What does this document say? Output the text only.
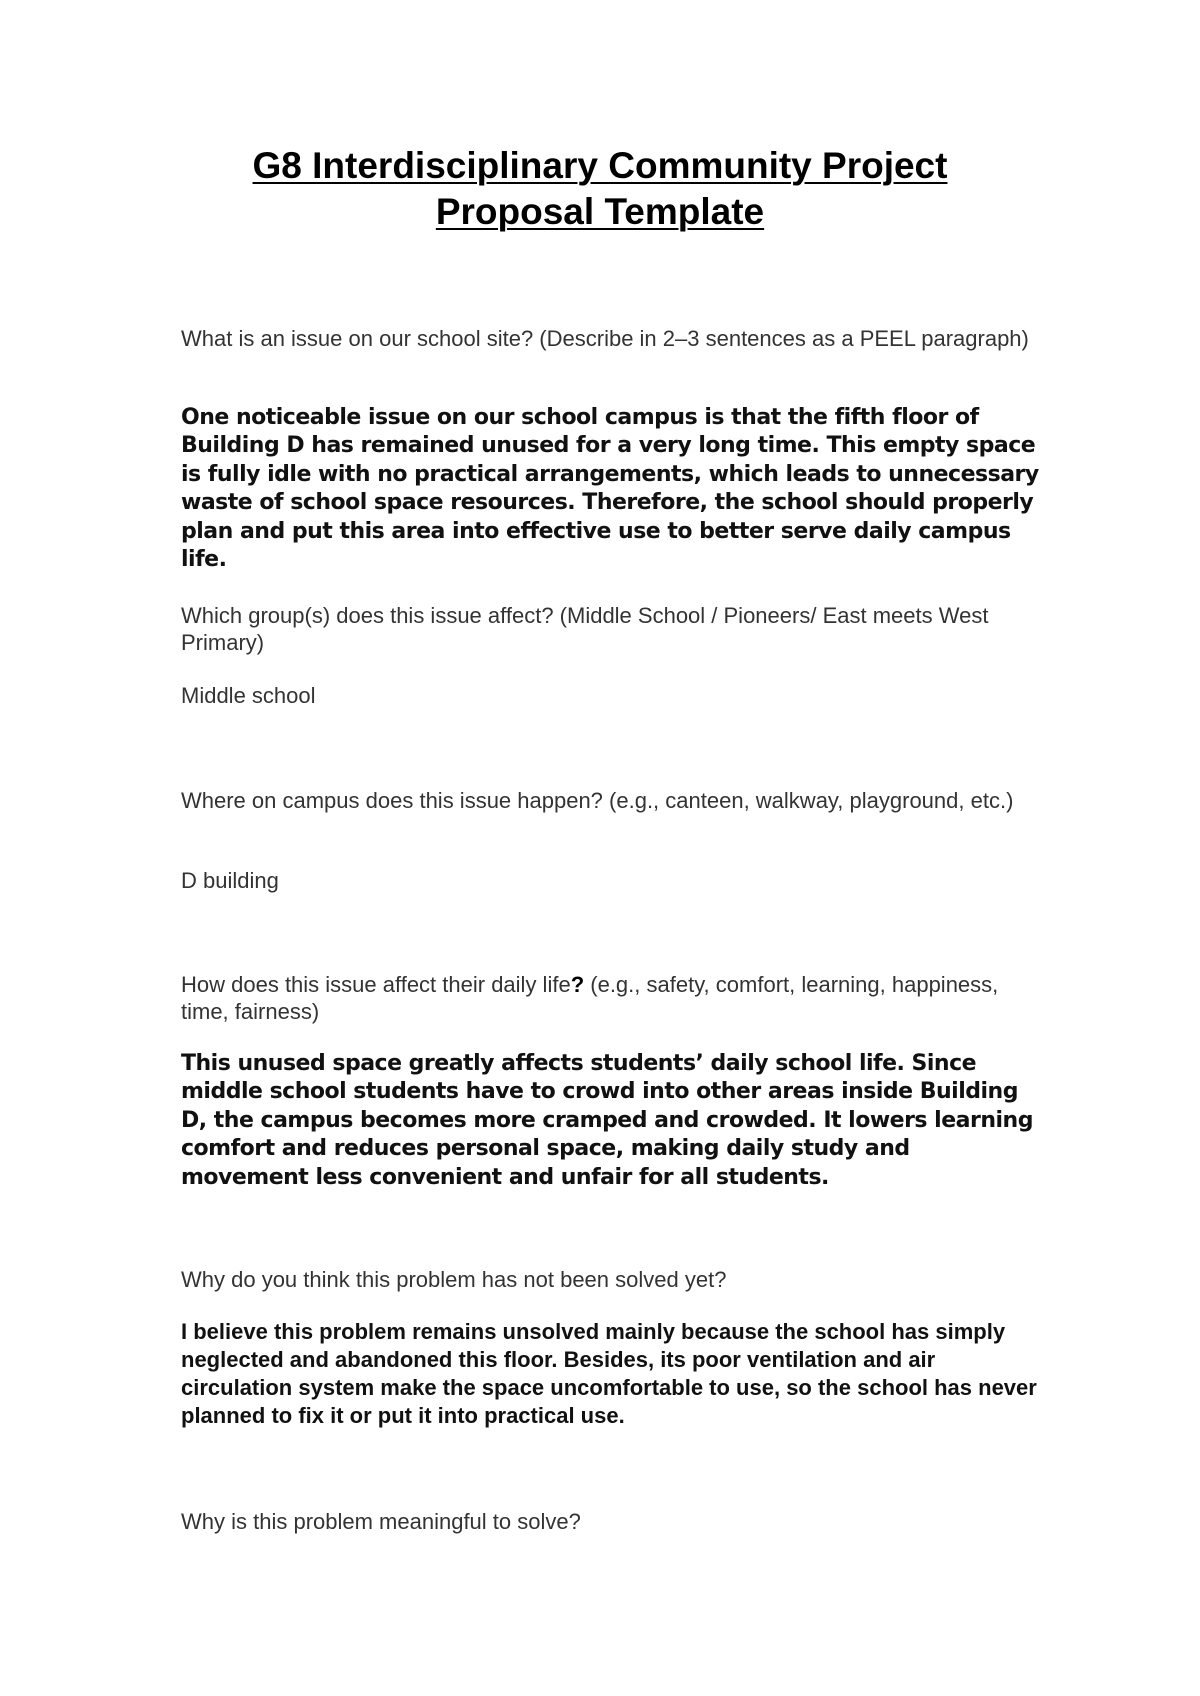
G8 Interdisciplinary Community Project
Proposal Template

What is an issue on our school site? (Describe in 2–3 sentences as a PEEL paragraph)

One noticeable issue on our school campus is that the fifth floor of Building D has remained unused for a very long time. This empty space is fully idle with no practical arrangements, which leads to unnecessary waste of school space resources. Therefore, the school should properly plan and put this area into effective use to better serve daily campus life.

Which group(s) does this issue affect? (Middle School / Pioneers/ East meets West Primary)

Middle school

Where on campus does this issue happen? (e.g., canteen, walkway, playground, etc.)

D building

How does this issue affect their daily life? (e.g., safety, comfort, learning, happiness, time, fairness)

This unused space greatly affects students’ daily school life. Since middle school students have to crowd into other areas inside Building D, the campus becomes more cramped and crowded. It lowers learning comfort and reduces personal space, making daily study and movement less convenient and unfair for all students.

Why do you think this problem has not been solved yet?

I believe this problem remains unsolved mainly because the school has simply neglected and abandoned this floor. Besides, its poor ventilation and air circulation system make the space uncomfortable to use, so the school has never planned to fix it or put it into practical use.

Why is this problem meaningful to solve?
